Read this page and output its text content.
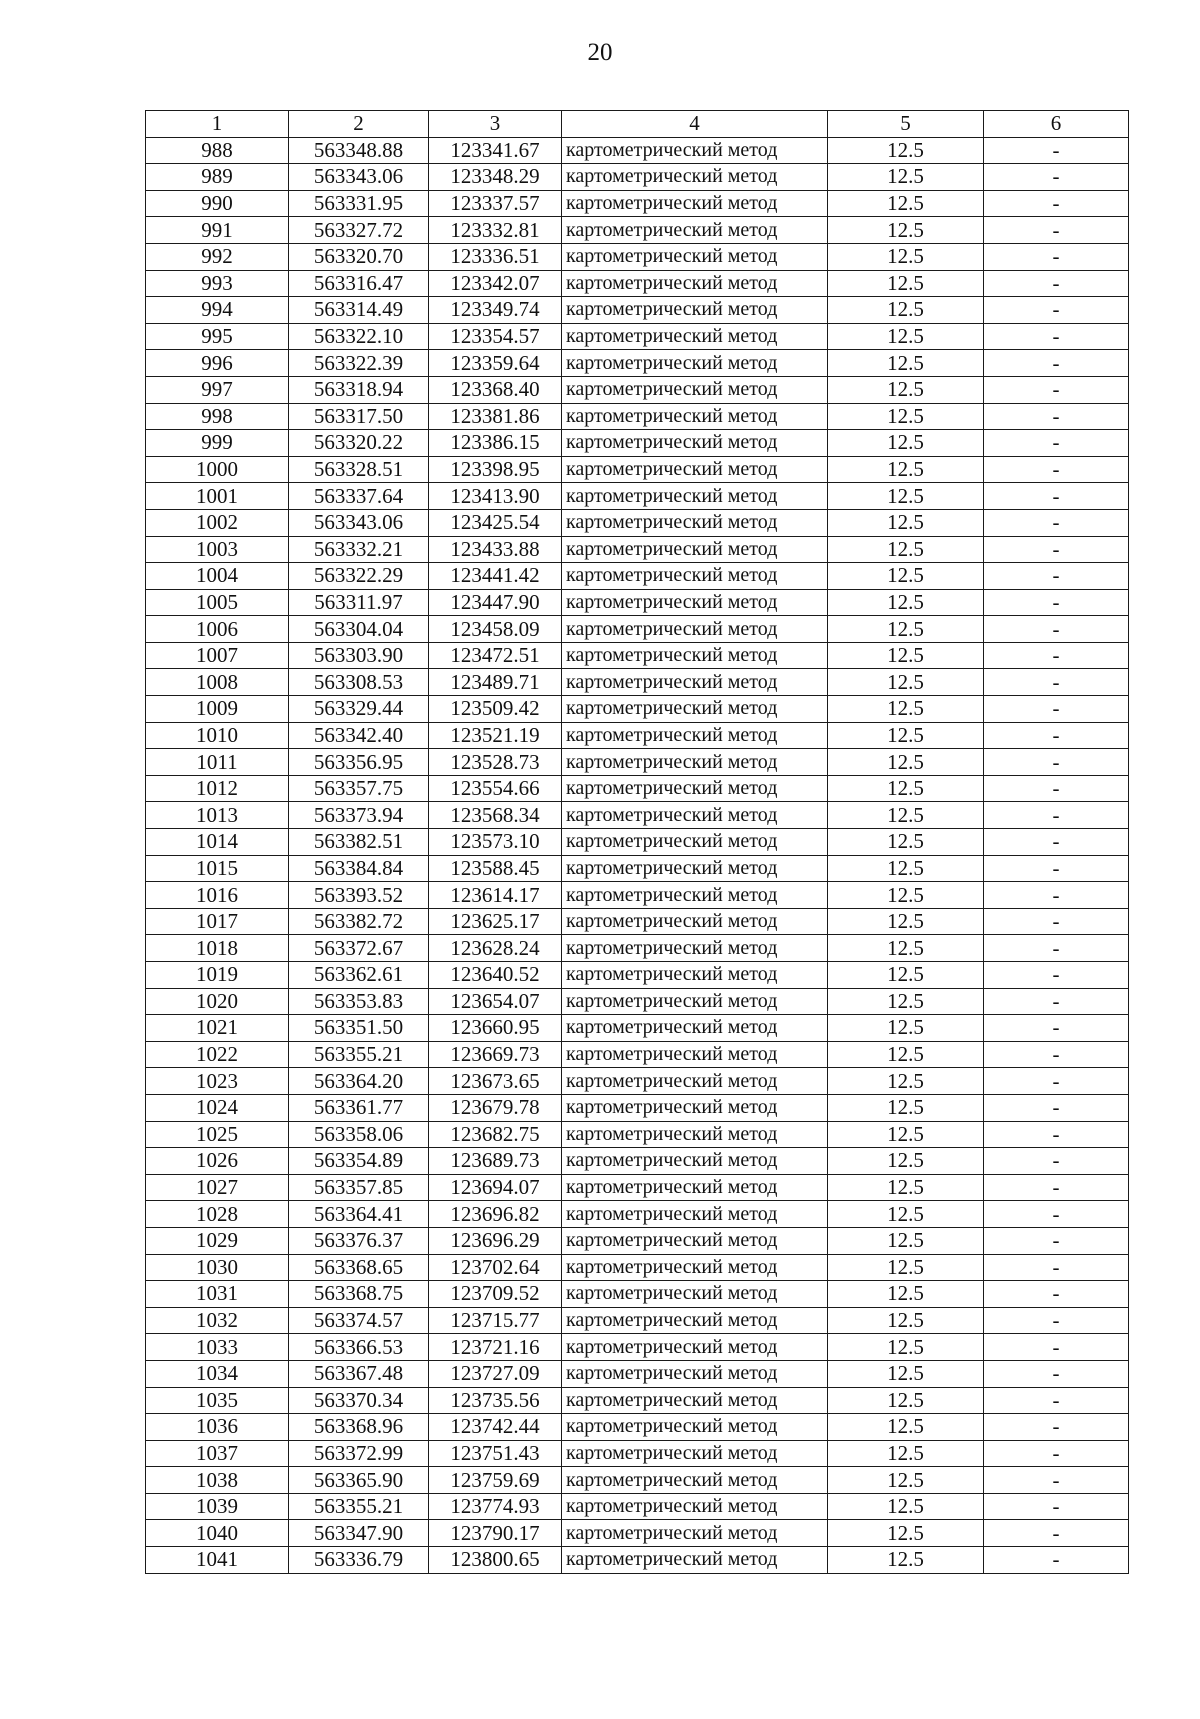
20
1	2	3	4	5	6
988	563348.88	123341.67	картометрический метод	12.5	-
989	563343.06	123348.29	картометрический метод	12.5	-
990	563331.95	123337.57	картометрический метод	12.5	-
991	563327.72	123332.81	картометрический метод	12.5	-
992	563320.70	123336.51	картометрический метод	12.5	-
993	563316.47	123342.07	картометрический метод	12.5	-
994	563314.49	123349.74	картометрический метод	12.5	-
995	563322.10	123354.57	картометрический метод	12.5	-
996	563322.39	123359.64	картометрический метод	12.5	-
997	563318.94	123368.40	картометрический метод	12.5	-
998	563317.50	123381.86	картометрический метод	12.5	-
999	563320.22	123386.15	картометрический метод	12.5	-
1000	563328.51	123398.95	картометрический метод	12.5	-
1001	563337.64	123413.90	картометрический метод	12.5	-
1002	563343.06	123425.54	картометрический метод	12.5	-
1003	563332.21	123433.88	картометрический метод	12.5	-
1004	563322.29	123441.42	картометрический метод	12.5	-
1005	563311.97	123447.90	картометрический метод	12.5	-
1006	563304.04	123458.09	картометрический метод	12.5	-
1007	563303.90	123472.51	картометрический метод	12.5	-
1008	563308.53	123489.71	картометрический метод	12.5	-
1009	563329.44	123509.42	картометрический метод	12.5	-
1010	563342.40	123521.19	картометрический метод	12.5	-
1011	563356.95	123528.73	картометрический метод	12.5	-
1012	563357.75	123554.66	картометрический метод	12.5	-
1013	563373.94	123568.34	картометрический метод	12.5	-
1014	563382.51	123573.10	картометрический метод	12.5	-
1015	563384.84	123588.45	картометрический метод	12.5	-
1016	563393.52	123614.17	картометрический метод	12.5	-
1017	563382.72	123625.17	картометрический метод	12.5	-
1018	563372.67	123628.24	картометрический метод	12.5	-
1019	563362.61	123640.52	картометрический метод	12.5	-
1020	563353.83	123654.07	картометрический метод	12.5	-
1021	563351.50	123660.95	картометрический метод	12.5	-
1022	563355.21	123669.73	картометрический метод	12.5	-
1023	563364.20	123673.65	картометрический метод	12.5	-
1024	563361.77	123679.78	картометрический метод	12.5	-
1025	563358.06	123682.75	картометрический метод	12.5	-
1026	563354.89	123689.73	картометрический метод	12.5	-
1027	563357.85	123694.07	картометрический метод	12.5	-
1028	563364.41	123696.82	картометрический метод	12.5	-
1029	563376.37	123696.29	картометрический метод	12.5	-
1030	563368.65	123702.64	картометрический метод	12.5	-
1031	563368.75	123709.52	картометрический метод	12.5	-
1032	563374.57	123715.77	картометрический метод	12.5	-
1033	563366.53	123721.16	картометрический метод	12.5	-
1034	563367.48	123727.09	картометрический метод	12.5	-
1035	563370.34	123735.56	картометрический метод	12.5	-
1036	563368.96	123742.44	картометрический метод	12.5	-
1037	563372.99	123751.43	картометрический метод	12.5	-
1038	563365.90	123759.69	картометрический метод	12.5	-
1039	563355.21	123774.93	картометрический метод	12.5	-
1040	563347.90	123790.17	картометрический метод	12.5	-
1041	563336.79	123800.65	картометрический метод	12.5	-
